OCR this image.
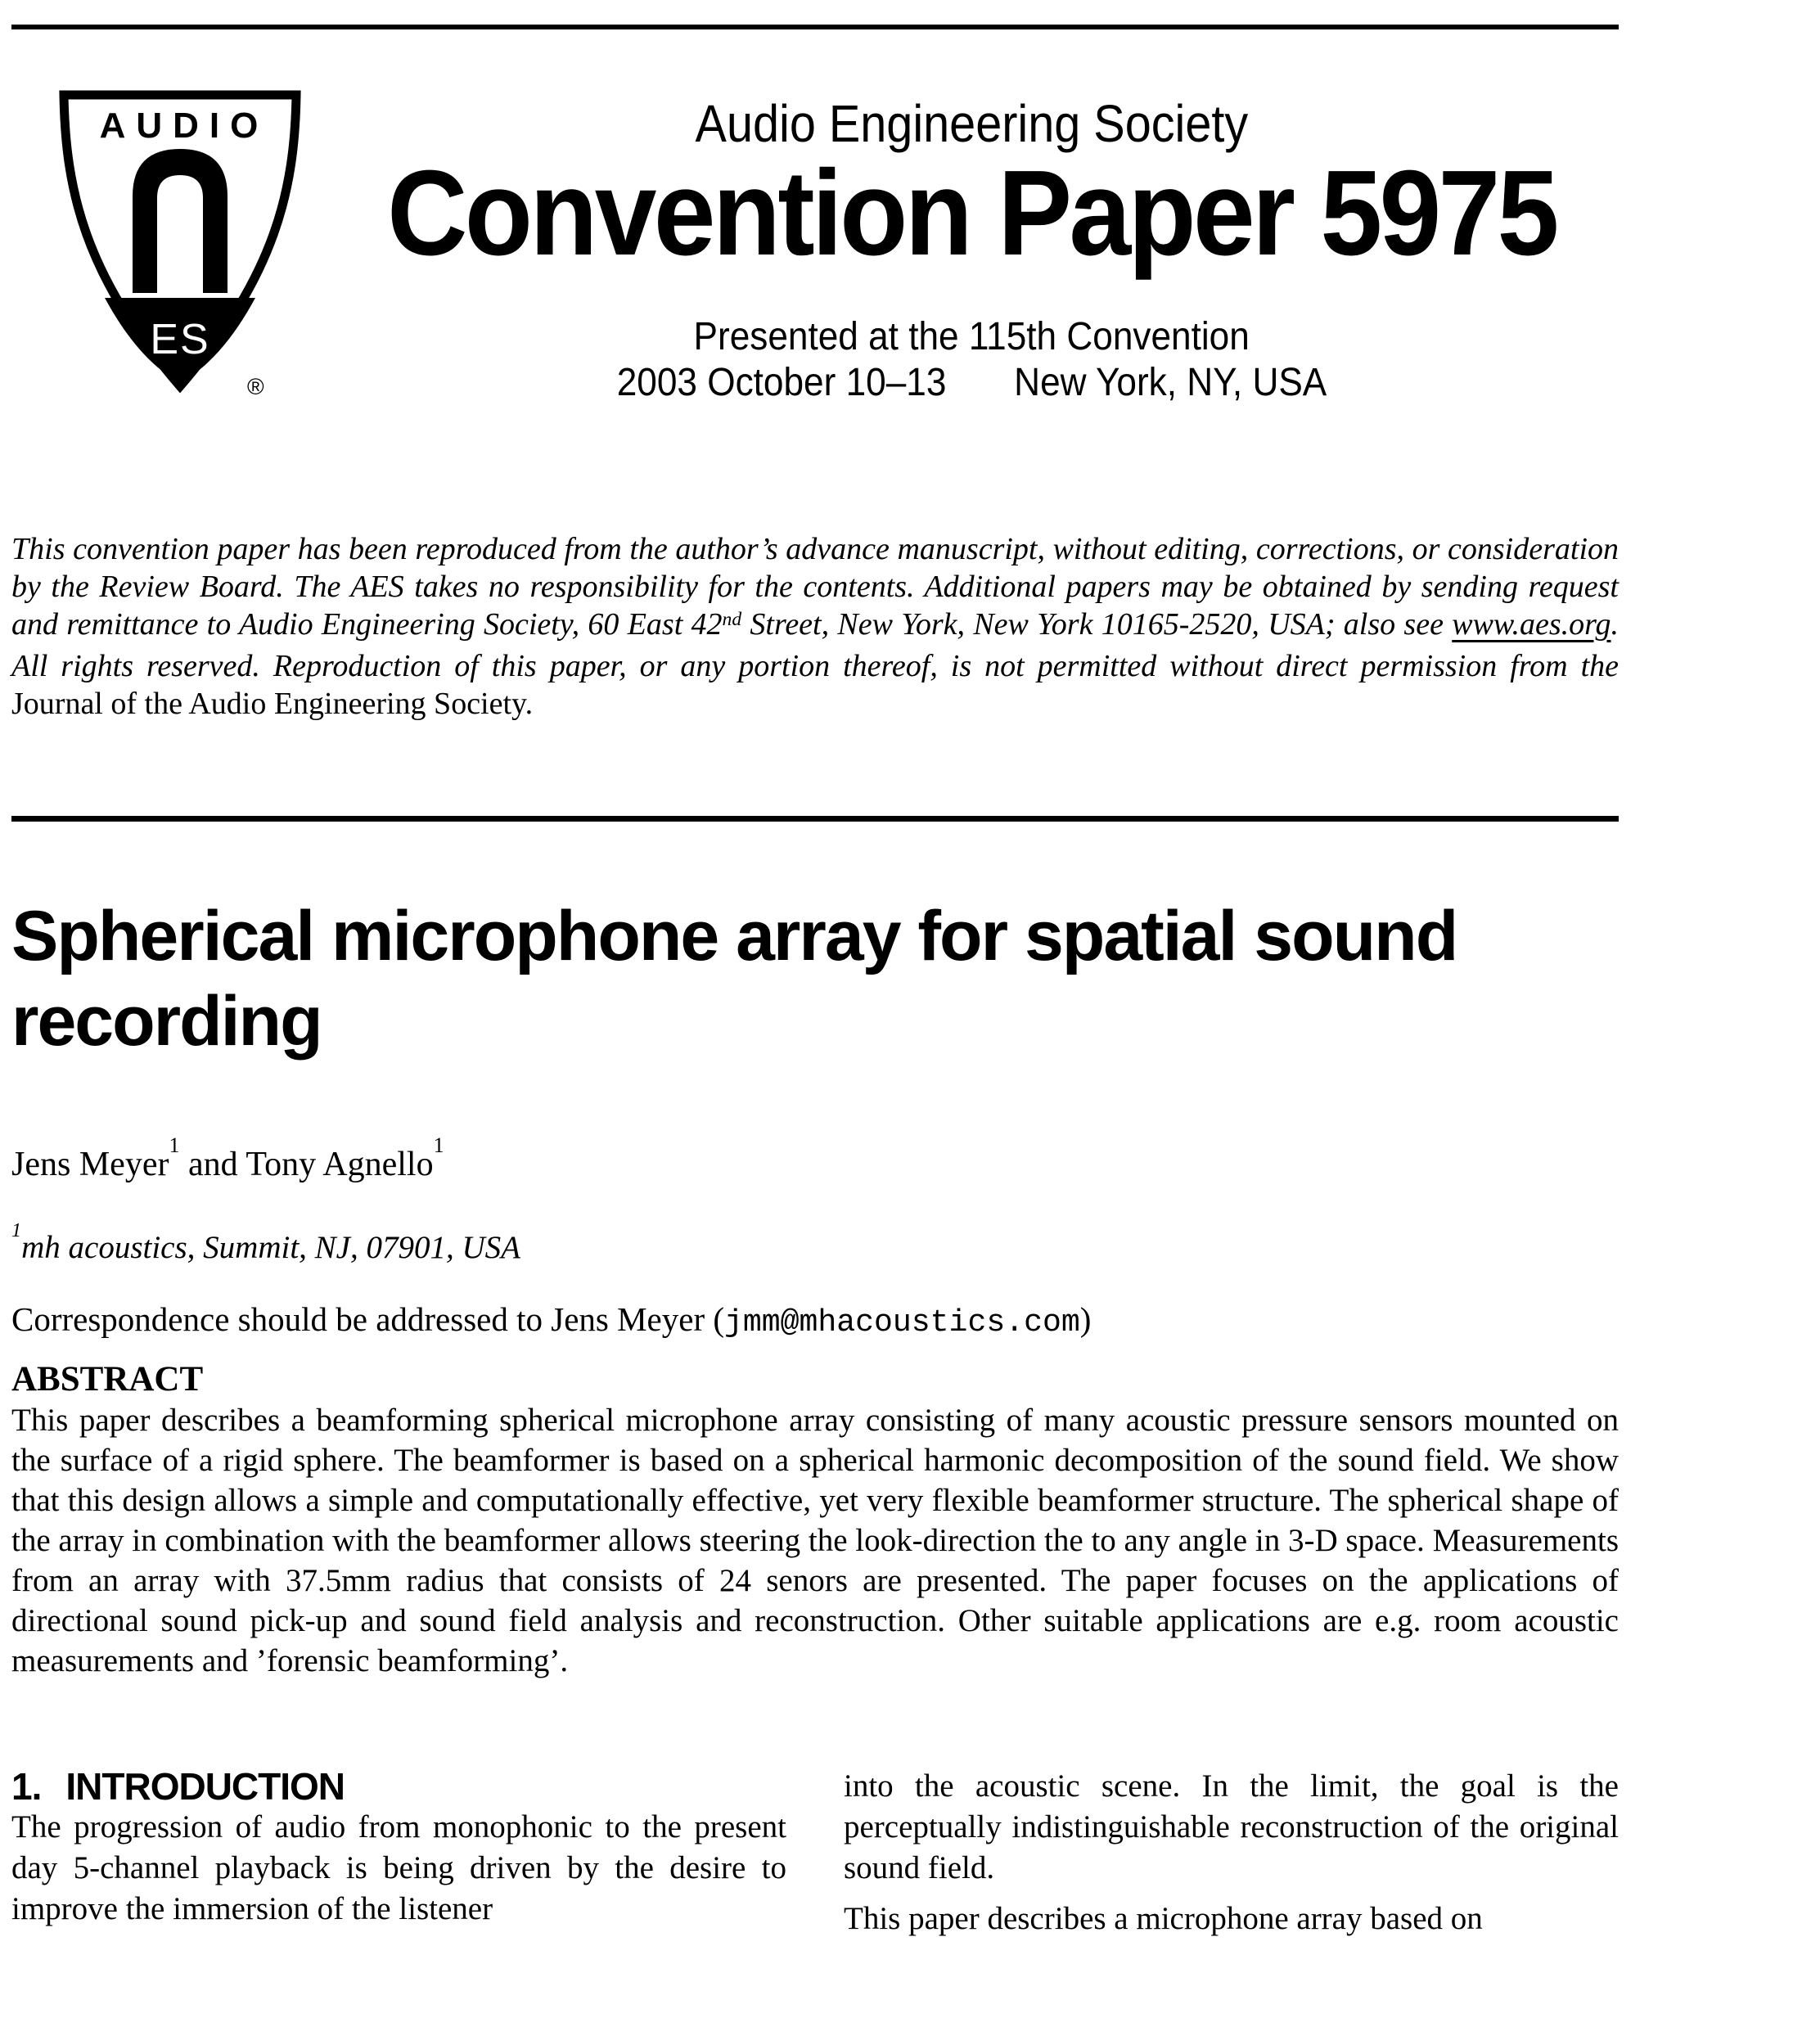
AUDIO
ES
®
Audio Engineering Society
Convention Paper 5975
Presented at the 115th Convention
2003 October 10–13 New York, NY, USA

This convention paper has been reproduced from the author’s advance manuscript, without editing, corrections, or consideration by the Review Board. The AES takes no responsibility for the contents. Additional papers may be obtained by sending request and remittance to Audio Engineering Society, 60 East 42nd Street, New York, New York 10165-2520, USA; also see www.aes.org. All rights reserved. Reproduction of this paper, or any portion thereof, is not permitted without direct permission from the Journal of the Audio Engineering Society.

Spherical microphone array for spatial sound
recording

Jens Meyer$^1$ and Tony Agnello$^1$

$^1$mh acoustics, Summit, NJ, 07901, USA

Correspondence should be addressed to Jens Meyer (jmm@mhacoustics.com)

ABSTRACT

This paper describes a beamforming spherical microphone array consisting of many acoustic pressure sensors mounted on the surface of a rigid sphere. The beamformer is based on a spherical harmonic decomposition of the sound field. We show that this design allows a simple and computationally effective, yet very flexible beamformer structure. The spherical shape of the array in combination with the beamformer allows steering the look-direction the to any angle in 3-D space. Measurements from an array with 37.5mm radius that consists of 24 senors are presented. The paper focuses on the applications of directional sound pick-up and sound field analysis and reconstruction. Other suitable applications are e.g. room acoustic measurements and ’forensic beamforming’.

1. INTRODUCTION

The progression of audio from monophonic to the present day 5-channel playback is being driven by the desire to improve the immersion of the listener

into the acoustic scene. In the limit, the goal is the perceptually indistinguishable reconstruction of the original sound field.

This paper describes a microphone array based on
